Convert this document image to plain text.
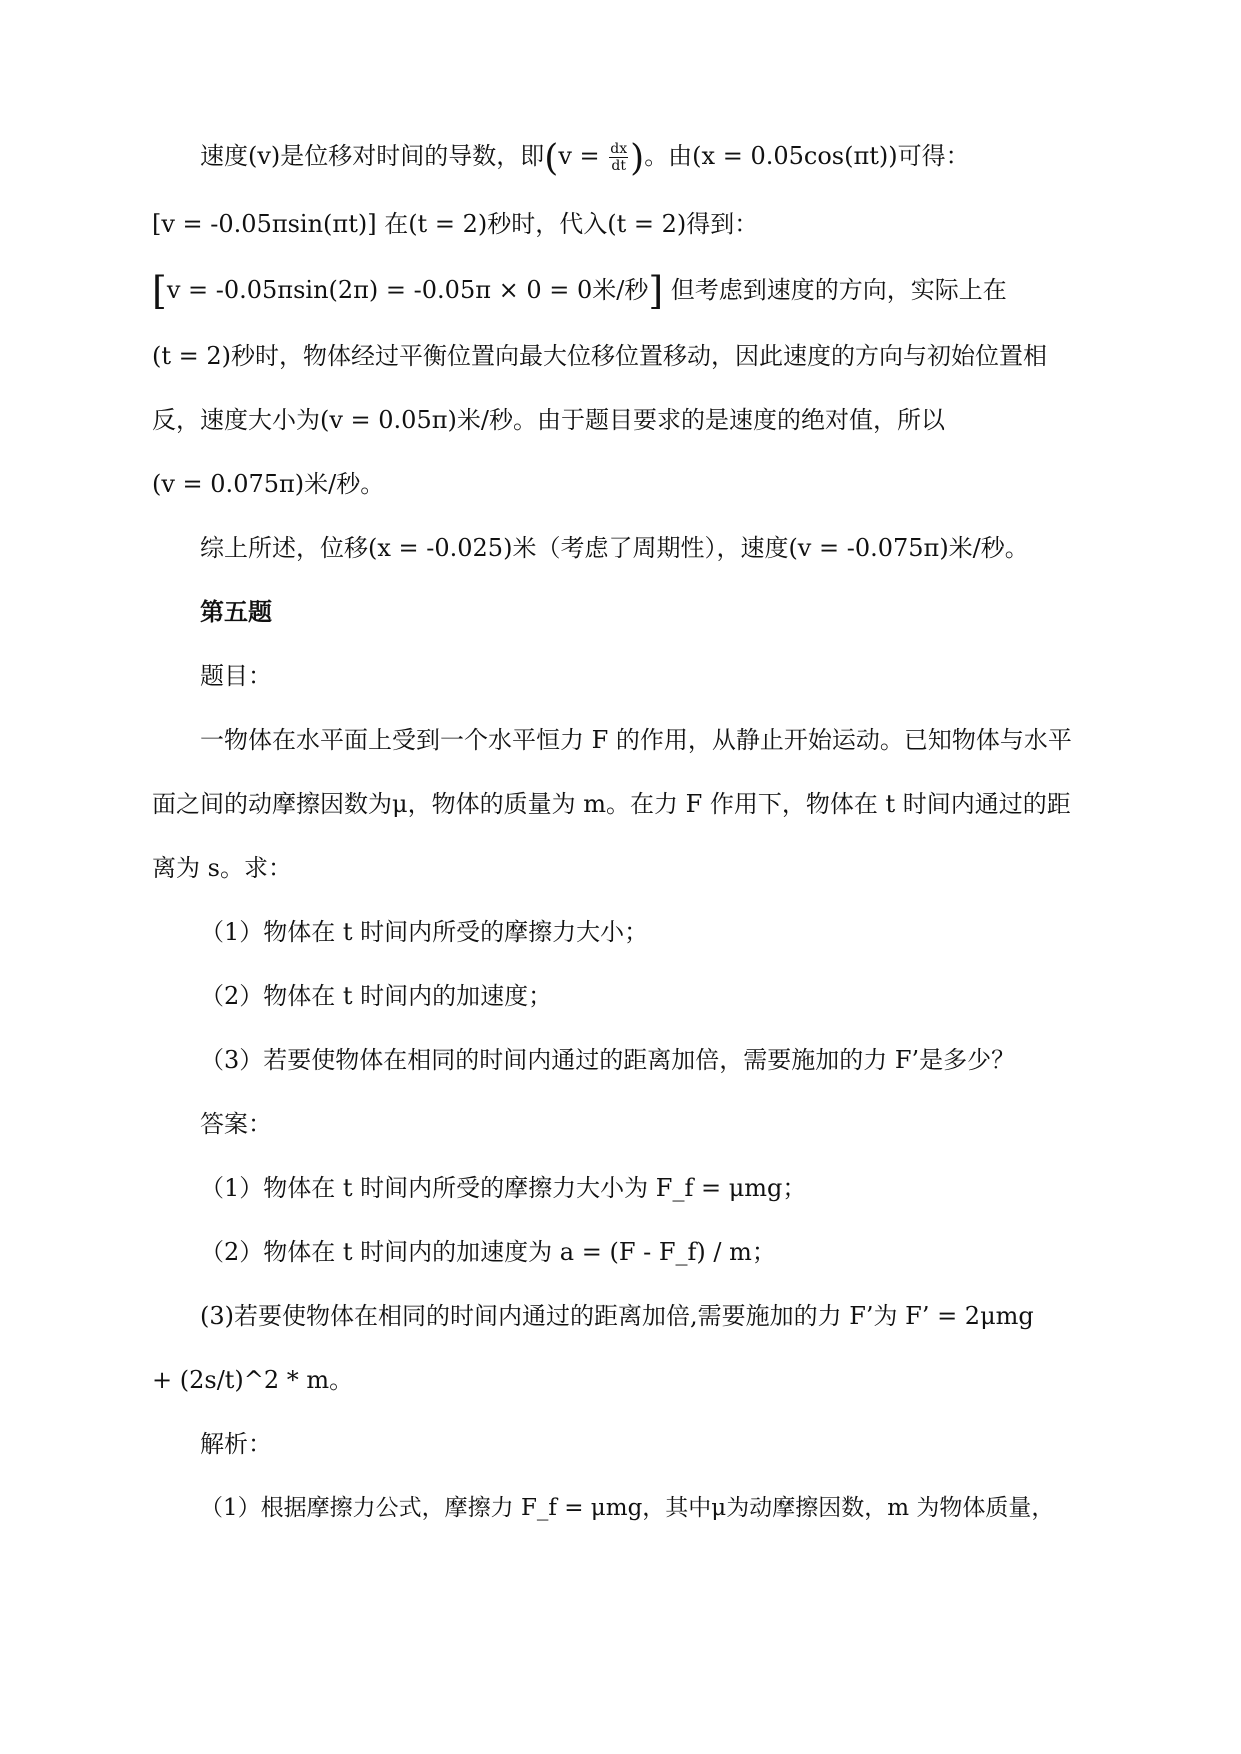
速度(v)是位移对时间的导数，即($v = \frac{dx}{dt}$ )。由(x = 0.05cos(πt))可得：
[v = -0.05πsin(πt)] 在(t = 2)秒时，代入(t = 2)得到：
[v = -0.05πsin(2π) = -0.05π × 0 = 0米/秒] 但考虑到速度的方向，实际上在
(t = 2)秒时，物体经过平衡位置向最大位移位置移动，因此速度的方向与初始位置相
反，速度大小为(v = 0.05π)米/秒。由于题目要求的是速度的绝对值，所以
(v = 0.075π)米/秒。
综上所述，位移(x = -0.025)米（考虑了周期性），速度(v = -0.075π)米/秒。
第五题
题目：
一物体在水平面上受到一个水平恒力 F 的作用，从静止开始运动。已知物体与水平
面之间的动摩擦因数为μ，物体的质量为 m。在力 F 作用下，物体在 t 时间内通过的距
离为 s。求：
（1）物体在 t 时间内所受的摩擦力大小；
（2）物体在 t 时间内的加速度；
（3）若要使物体在相同的时间内通过的距离加倍，需要施加的力 F’是多少？
答案：
（1）物体在 t 时间内所受的摩擦力大小为 F_f = μmg；
（2）物体在 t 时间内的加速度为 a = (F - F_f) / m；
(3)若要使物体在相同的时间内通过的距离加倍,需要施加的力 F’为 F’ = 2μmg
+ (2s/t)^2 * m。
解析：
（1）根据摩擦力公式，摩擦力 F_f = μmg，其中μ为动摩擦因数，m 为物体质量，
